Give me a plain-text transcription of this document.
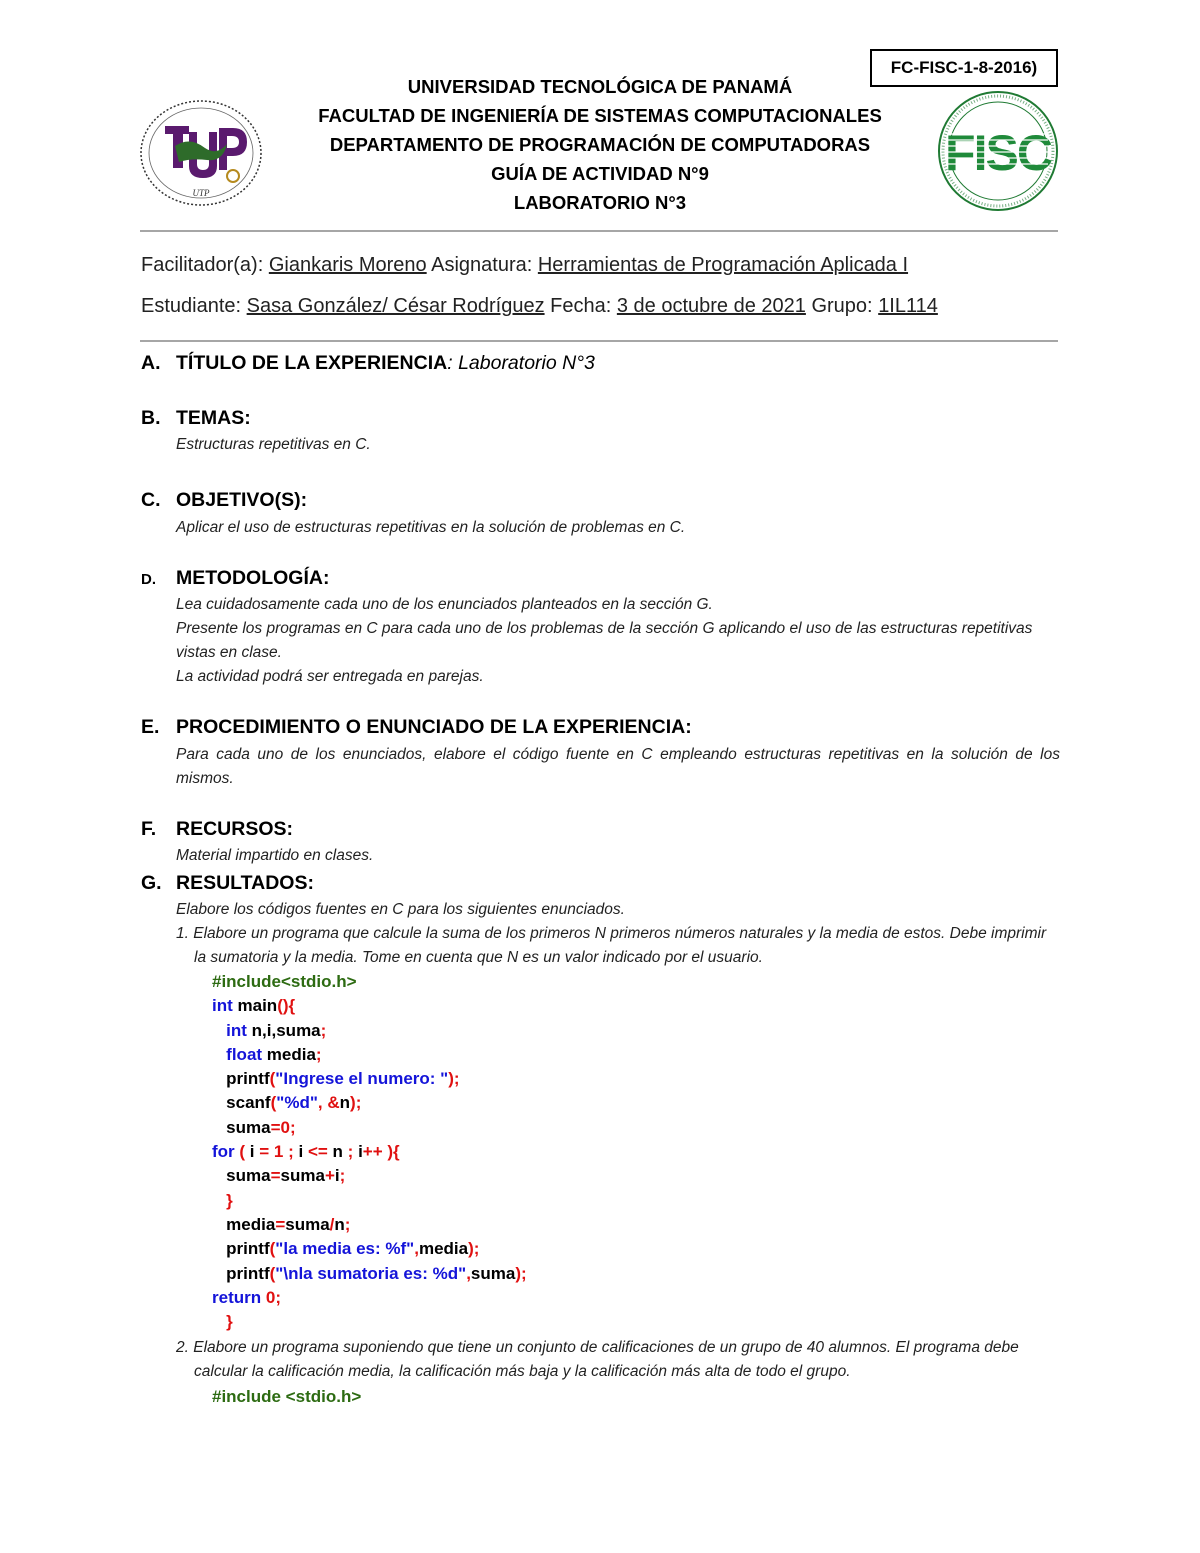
FC-FISC-1-8-2016)
UTP
UNIVERSIDAD TECNOLÓGICA DE PANAMÁ
FACULTAD DE INGENIERÍA DE SISTEMAS COMPUTACIONALES
DEPARTAMENTO DE PROGRAMACIÓN DE COMPUTADORAS
GUÍA DE ACTIVIDAD N°9
LABORATORIO N°3
FISC
Facilitador(a): Giankaris Moreno Asignatura: Herramientas de Programación Aplicada I
Estudiante: Sasa González/ César Rodríguez Fecha: 3 de octubre de 2021 Grupo: 1IL114
A. TÍTULO DE LA EXPERIENCIA: Laboratorio N°3
B. TEMAS:
Estructuras repetitivas en C.
C. OBJETIVO(S):
Aplicar el uso de estructuras repetitivas en la solución de problemas en C.
D. METODOLOGÍA:
Lea cuidadosamente cada uno de los enunciados planteados en la sección G.
Presente los programas en C para cada uno de los problemas de la sección G aplicando el uso de las estructuras repetitivas
vistas en clase.
La actividad podrá ser entregada en parejas.
E. PROCEDIMIENTO O ENUNCIADO DE LA EXPERIENCIA:
Para cada uno de los enunciados, elabore el código fuente en C empleando estructuras repetitivas en la solución de los mismos.
F. RECURSOS:
Material impartido en clases.
G. RESULTADOS:
Elabore los códigos fuentes en C para los siguientes enunciados.
1. Elabore un programa que calcule la suma de los primeros N primeros números naturales y la media de estos. Debe imprimir
la sumatoria y la media. Tome en cuenta que N es un valor indicado por el usuario.
#include<stdio.h>
int main(){
int n,i,suma;
float media;
printf("Ingrese el numero: ");
scanf("%d", &n);
suma=0;
for ( i = 1 ; i <= n ; i++ ){
suma=suma+i;
}
media=suma/n;
printf("la media es: %f",media);
printf("\nla sumatoria es: %d",suma);
return 0;
}
2. Elabore un programa suponiendo que tiene un conjunto de calificaciones de un grupo de 40 alumnos. El programa debe
calcular la calificación media, la calificación más baja y la calificación más alta de todo el grupo.
#include <stdio.h>
